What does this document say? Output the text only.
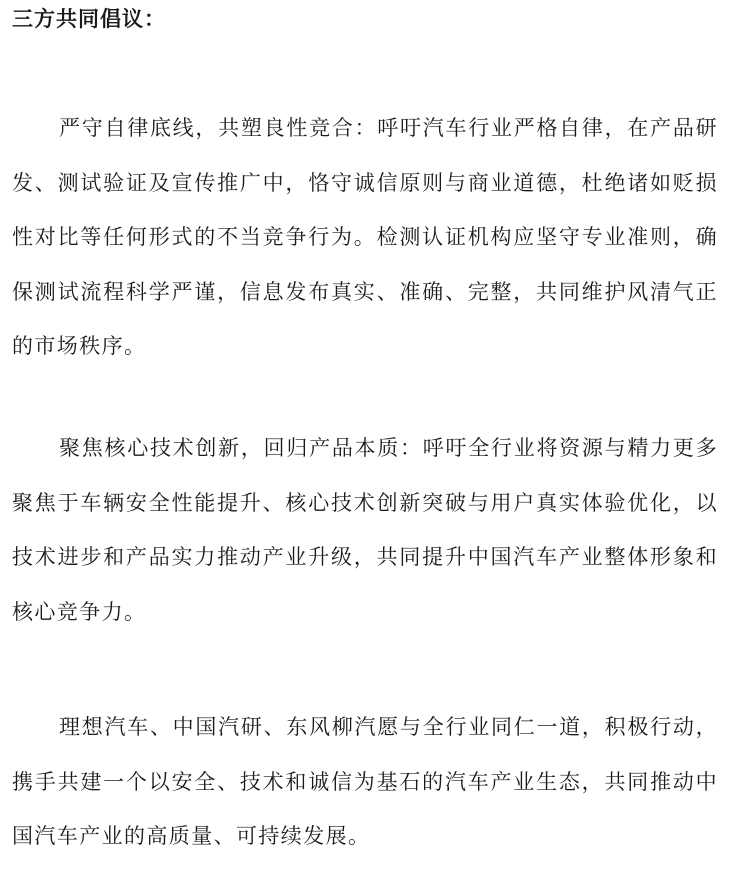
三方共同倡议：

严守自律底线，共塑良性竞合：呼吁汽车行业严格自律，在产品研发、测试验证及宣传推广中，恪守诚信原则与商业道德，杜绝诸如贬损性对比等任何形式的不当竞争行为。检测认证机构应坚守专业准则，确保测试流程科学严谨，信息发布真实、准确、完整，共同维护风清气正的市场秩序。

聚焦核心技术创新，回归产品本质：呼吁全行业将资源与精力更多聚焦于车辆安全性能提升、核心技术创新突破与用户真实体验优化，以技术进步和产品实力推动产业升级，共同提升中国汽车产业整体形象和核心竞争力。

理想汽车、中国汽研、东风柳汽愿与全行业同仁一道，积极行动，携手共建一个以安全、技术和诚信为基石的汽车产业生态，共同推动中国汽车产业的高质量、可持续发展。
